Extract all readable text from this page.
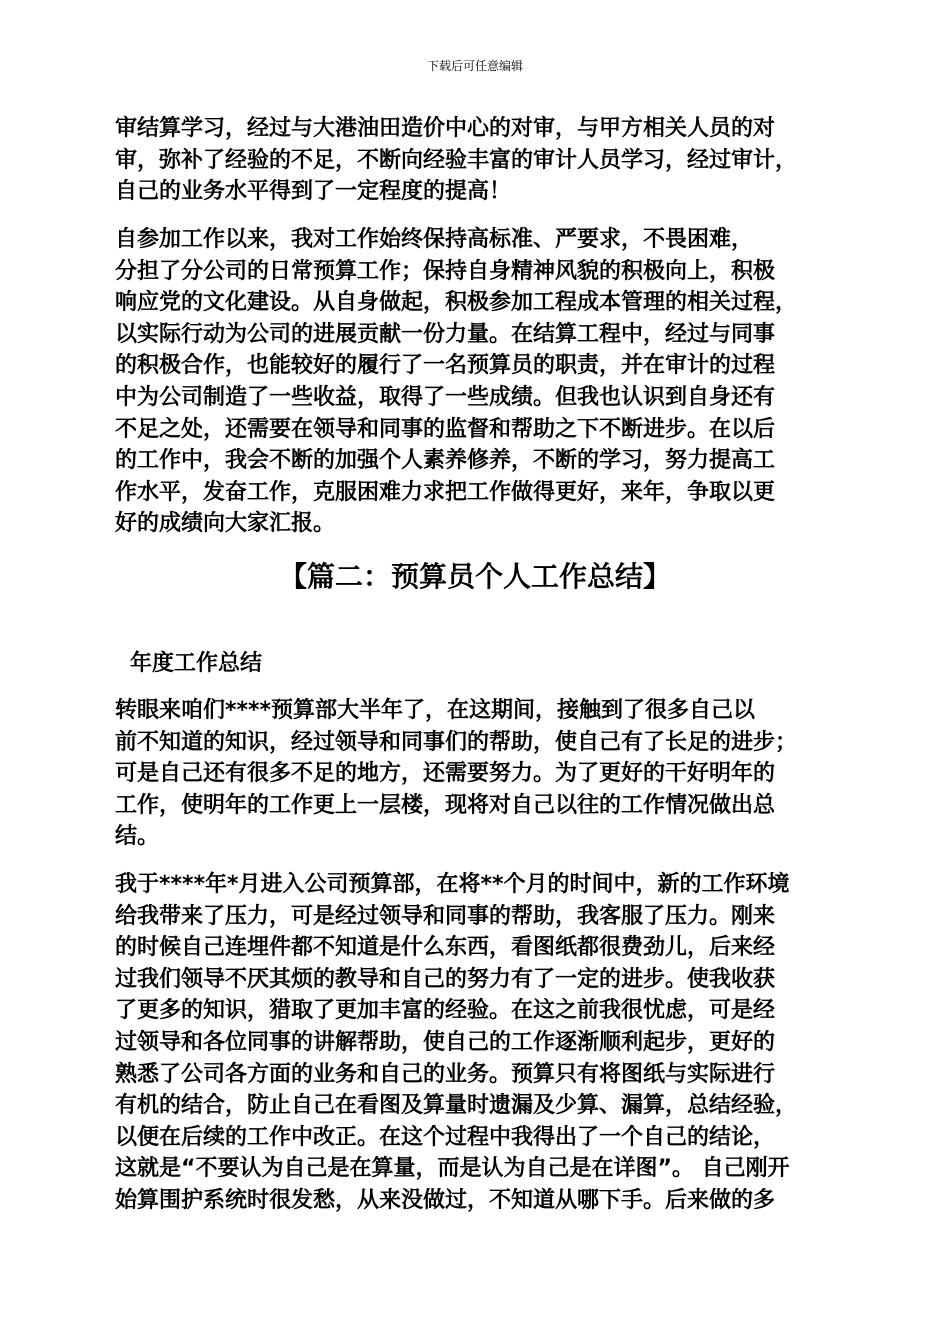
下载后可任意编辑
审结算学习，经过与大港油田造价中心的对审，与甲方相关人员的对
审，弥补了经验的不足，不断向经验丰富的审计人员学习，经过审计，
自己的业务水平得到了一定程度的提高！
自参加工作以来，我对工作始终保持高标准、严要求，不畏困难，
分担了分公司的日常预算工作；保持自身精神风貌的积极向上，积极
响应党的文化建设。从自身做起，积极参加工程成本管理的相关过程，
以实际行动为公司的进展贡献一份力量。在结算工程中，经过与同事
的积极合作，也能较好的履行了一名预算员的职责，并在审计的过程
中为公司制造了一些收益，取得了一些成绩。但我也认识到自身还有
不足之处，还需要在领导和同事的监督和帮助之下不断进步。在以后
的工作中，我会不断的加强个人素养修养，不断的学习，努力提高工
作水平，发奋工作，克服困难力求把工作做得更好，来年，争取以更
好的成绩向大家汇报。
【篇二：预算员个人工作总结】
年度工作总结
转眼来咱们****预算部大半年了，在这期间，接触到了很多自己以
前不知道的知识，经过领导和同事们的帮助，使自己有了长足的进步；
可是自己还有很多不足的地方，还需要努力。为了更好的干好明年的
工作，使明年的工作更上一层楼，现将对自己以往的工作情况做出总
结。
我于****年*月进入公司预算部，在将**个月的时间中，新的工作环境
给我带来了压力，可是经过领导和同事的帮助，我客服了压力。刚来
的时候自己连埋件都不知道是什么东西，看图纸都很费劲儿，后来经
过我们领导不厌其烦的教导和自己的努力有了一定的进步。使我收获
了更多的知识，猎取了更加丰富的经验。在这之前我很忧虑，可是经
过领导和各位同事的讲解帮助，使自己的工作逐渐顺利起步，更好的
熟悉了公司各方面的业务和自己的业务。预算只有将图纸与实际进行
有机的结合，防止自己在看图及算量时遗漏及少算、漏算，总结经验，
以便在后续的工作中改正。在这个过程中我得出了一个自己的结论，
这就是“不要认为自己是在算量，而是认为自己是在详图”。 自己刚开
始算围护系统时很发愁，从来没做过，不知道从哪下手。后来做的多
